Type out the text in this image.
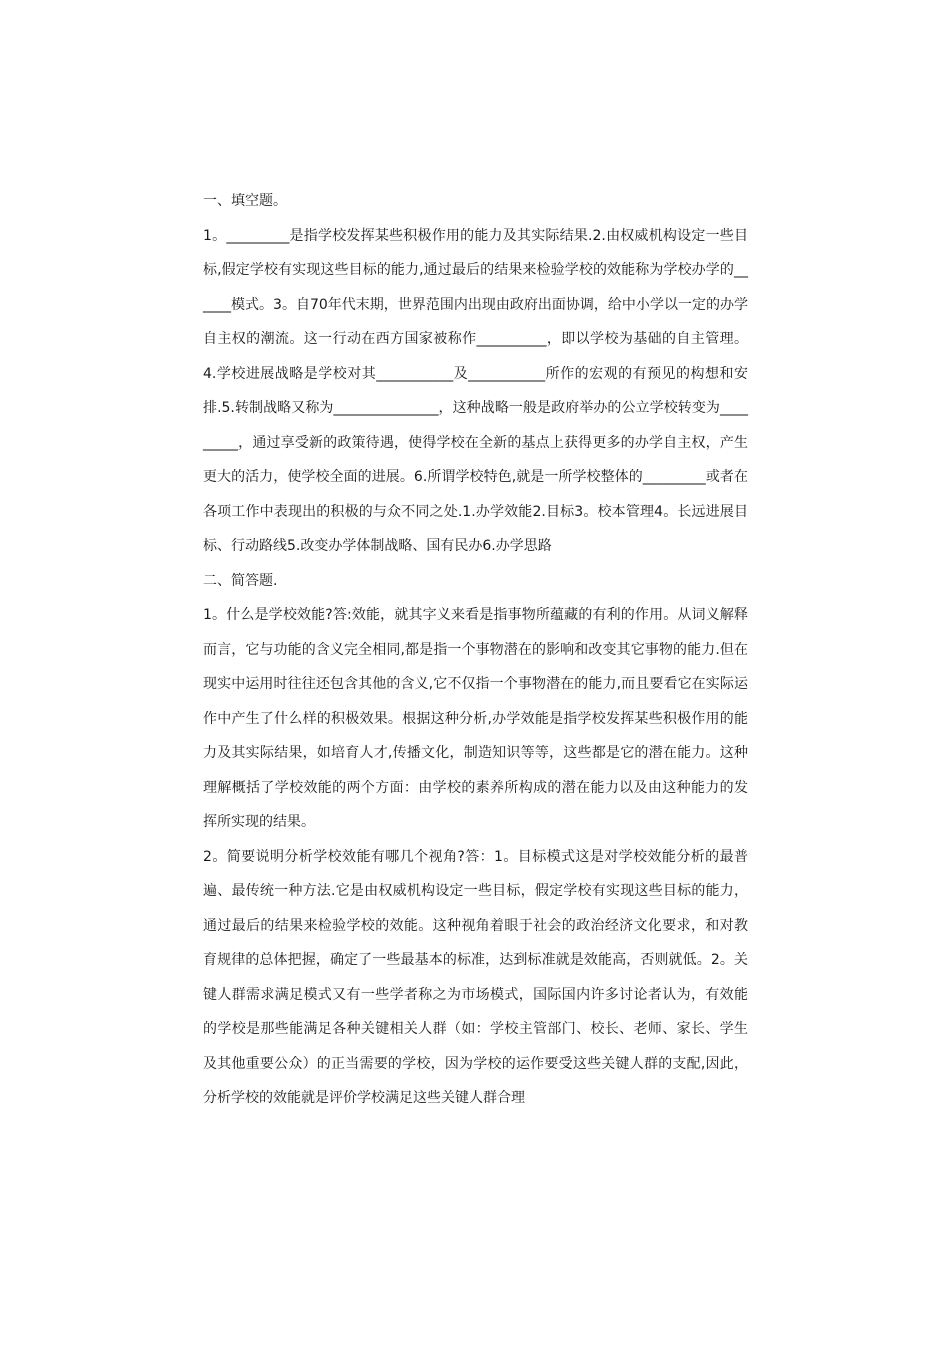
一、填空题。

1。_________是指学校发挥某些积极作用的能力及其实际结果.2.由权威机构设定一些目标,假定学校有实现这些目标的能力,通过最后的结果来检验学校的效能称为学校办学的______模式。3。自70年代末期，世界范围内出现由政府出面协调，给中小学以一定的办学自主权的潮流。这一行动在西方国家被称作__________，即以学校为基础的自主管理。4.学校进展战略是学校对其___________及___________所作的宏观的有预见的构想和安排.5.转制战略又称为_______________，这种战略一般是政府举办的公立学校转变为_________，通过享受新的政策待遇，使得学校在全新的基点上获得更多的办学自主权，产生更大的活力，使学校全面的进展。6.所谓学校特色,就是一所学校整体的_________或者在各项工作中表现出的积极的与众不同之处.1.办学效能2.目标3。校本管理4。长远进展目标、行动路线5.改变办学体制战略、国有民办6.办学思路

二、简答题.

1。什么是学校效能?答:效能，就其字义来看是指事物所蕴藏的有利的作用。从词义解释而言，它与功能的含义完全相同,都是指一个事物潜在的影响和改变其它事物的能力.但在现实中运用时往往还包含其他的含义,它不仅指一个事物潜在的能力,而且要看它在实际运作中产生了什么样的积极效果。根据这种分析,办学效能是指学校发挥某些积极作用的能力及其实际结果，如培育人才,传播文化，制造知识等等，这些都是它的潜在能力。这种理解概括了学校效能的两个方面：由学校的素养所构成的潜在能力以及由这种能力的发挥所实现的结果。

2。简要说明分析学校效能有哪几个视角?答：1。目标模式这是对学校效能分析的最普遍、最传统一种方法.它是由权威机构设定一些目标，假定学校有实现这些目标的能力，通过最后的结果来检验学校的效能。这种视角着眼于社会的政治经济文化要求，和对教育规律的总体把握，确定了一些最基本的标准，达到标准就是效能高，否则就低。2。关键人群需求满足模式又有一些学者称之为市场模式，国际国内许多讨论者认为，有效能的学校是那些能满足各种关键相关人群（如：学校主管部门、校长、老师、家长、学生及其他重要公众）的正当需要的学校，因为学校的运作要受这些关键人群的支配,因此，分析学校的效能就是评价学校满足这些关键人群合理
